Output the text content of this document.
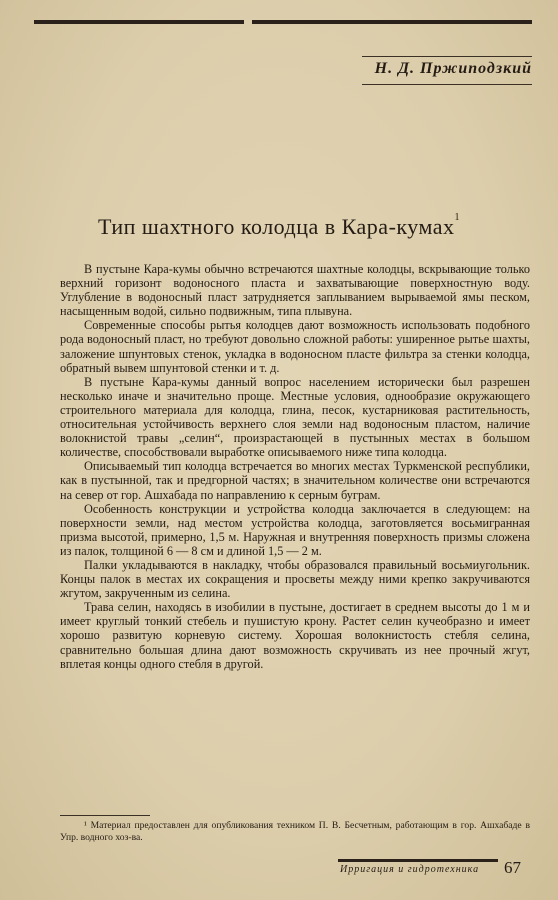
Н. Д. Пржиподзкий
Тип шахтного колодца в Кара-кумах$^1$

В пустыне Кара-кумы обычно встречаются шахтные колодцы, вскрывающие только верхний горизонт водоносного пласта и захватывающие поверхностную воду. Углубление в водоносный пласт затрудняется заплыванием вырываемой ямы песком, насыщенным водой, сильно подвижным, типа плывуна.

Современные способы рытья колодцев дают возможность использовать подобного рода водоносный пласт, но требуют довольно сложной работы: уширенное рытье шахты, заложение шпунтовых стенок, укладка в водоносном пласте фильтра за стенки колодца, обратный вывем шпунтовой стенки и т. д.

В пустыне Кара-кумы данный вопрос населением исторически был разрешен несколько иначе и значительно проще. Местные условия, однообразие окружающего строительного материала для колодца, глина, песок, кустарниковая растительность, относительная устойчивость верхнего слоя земли над водоносным пластом, наличие волокнистой травы „селин“, произрастающей в пустынных местах в большом количестве, способствовали выработке описываемого ниже типа колодца.

Описываемый тип колодца встречается во многих местах Туркменской республики, как в пустынной, так и предгорной частях; в значительном количестве они встречаются на север от гор. Ашхабада по направлению к серным буграм.

Особенность конструкции и устройства колодца заключается в следующем: на поверхности земли, над местом устройства колодца, заготовляется восьмигранная призма высотой, примерно, 1,5 м. Наружная и внутренняя поверхность призмы сложена из палок, толщиной 6 — 8 см и длиной 1,5 — 2 м.

Палки укладываются в накладку, чтобы образовался правильный восьмиугольник. Концы палок в местах их сокращения и просветы между ними крепко закручиваются жгутом, закрученным из селина.

Трава селин, находясь в изобилии в пустыне, достигает в среднем высоты до 1 м и имеет круглый тонкий стебель и пушистую крону. Растет селин кучеобразно и имеет хорошо развитую корневую систему. Хорошая волокнистость стебля селина, сравнительно большая длина дают возможность скручивать из нее прочный жгут, вплетая концы одного стебля в другой.

¹ Материал предоставлен для опубликования техником П. В. Бесчетным, работающим в гор. Ашхабаде в Упр. водного хоз-ва.

Ирригация и гидротехника 67
